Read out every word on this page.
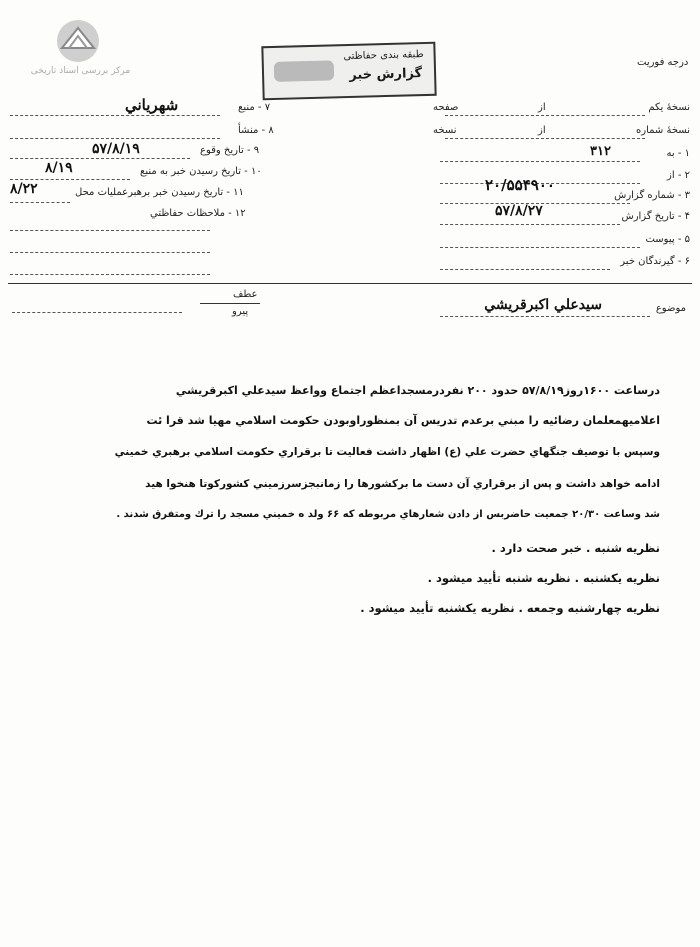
مرکز بررسی اسناد تاریخی
درجه فوریت
طبقه بندی حفاظتی
گزارش خبر
نسخهٔ يكم
از
صفحه
نسخهٔ شماره
از
نسخه
۱ - به
۳۱۲
۲ - از
۳ - شماره گزارش
۲۰/۵۵۴۹۰۰
۴ - تاريخ گزارش
۵۷/۸/۲۷
۵ - پيوست
۶ - گيرندگان خبر
۷ - منبع
شهرياني
۸ - منشأ
۹ - تاريخ وقوع
۵۷/۸/۱۹
۱۰ - تاريخ رسيدن خبر به منبع
۸/۱۹
۱۱ - تاريخ رسيدن خبر برهبرعمليات محل
۸/۲۲
۱۲ - ملاحظات حفاظتي
عطف
پيرو	موضوع
سيدعلي اكبرقريشي
درساعت ۱۶۰۰روز۵۷/۸/۱۹ حدود ۲۰۰ نفردرمسجداعظم اجتماع وواعظ سيدعلي اكبرقريشي
اعلاميهمعلمان رضائيه را مبني برعدم تدريس آن بمنظوراوبودن حكومت اسلامي مهيا شد قرا ئت
وسپس با توصيف جنگهاي حضرت علي (ع) اظهار داشت فعالیت تا برقراري حكومت اسلامي برهبري خميني
ادامه خواهد داشت و پس از برقراري آن دست ما بركشورها را زمانبجزسرزميني كشوركوتا هنخوا هيد
شد وساعت ۲۰/۳۰ جمعيت حاضربس از دادن شعارهاي مربوطه كه ۶۶ ولد ه خميني مسجد را ترك ومتفرق شدند .
نظريه شنبه . خبر صحت دارد .
نظريه يكشنبه . نظريه شنبه تأييد ميشود .
نظريه چهارشنبه وجمعه . نظريه يكشنبه تأييد ميشود .
